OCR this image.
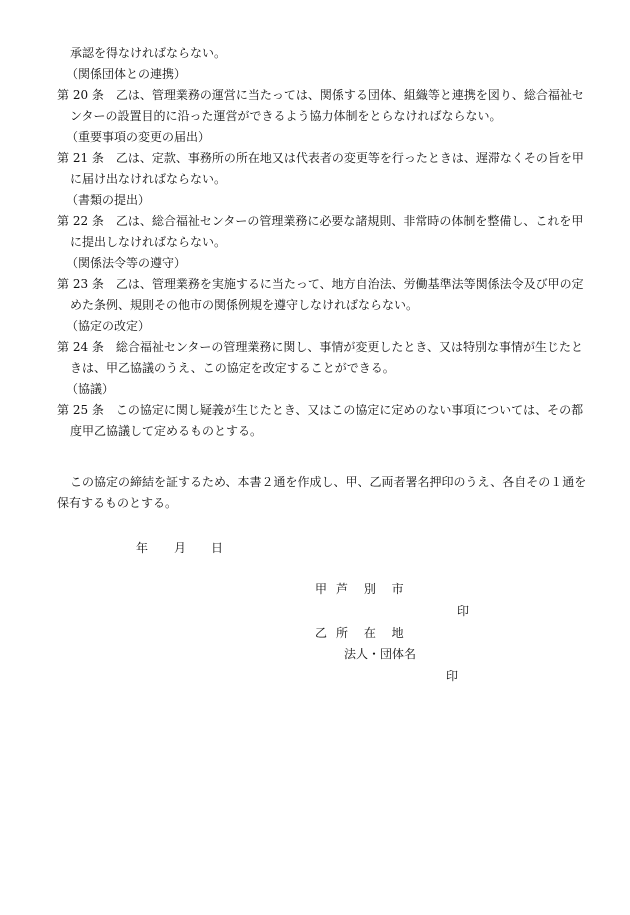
承認を得なければならない。
（関係団体との連携）
第 20 条　乙は、管理業務の運営に当たっては、関係する団体、組織等と連携を図り、総合福祉セ
ンターの設置目的に沿った運営ができるよう協力体制をとらなければならない。
（重要事項の変更の届出）
第 21 条　乙は、定款、事務所の所在地又は代表者の変更等を行ったときは、遅滞なくその旨を甲
に届け出なければならない。
（書類の提出）
第 22 条　乙は、総合福祉センターの管理業務に必要な諸規則、非常時の体制を整備し、これを甲
に提出しなければならない。
（関係法令等の遵守）
第 23 条　乙は、管理業務を実施するに当たって、地方自治法、労働基準法等関係法令及び甲の定
めた条例、規則その他市の関係例規を遵守しなければならない。
（協定の改定）
第 24 条　総合福祉センターの管理業務に関し、事情が変更したとき、又は特別な事情が生じたと
きは、甲乙協議のうえ、この協定を改定することができる。
（協議）
第 25 条　この協定に関し疑義が生じたとき、又はこの協定に定めのない事項については、その都
度甲乙協議して定めるものとする。
この協定の締結を証するため、本書２通を作成し、甲、乙両者署名押印のうえ、各自その１通を
保有するものとする。
年 月 日
甲 芦　 別　 市
印
乙 所　 在　 地
法人・団体名
印
